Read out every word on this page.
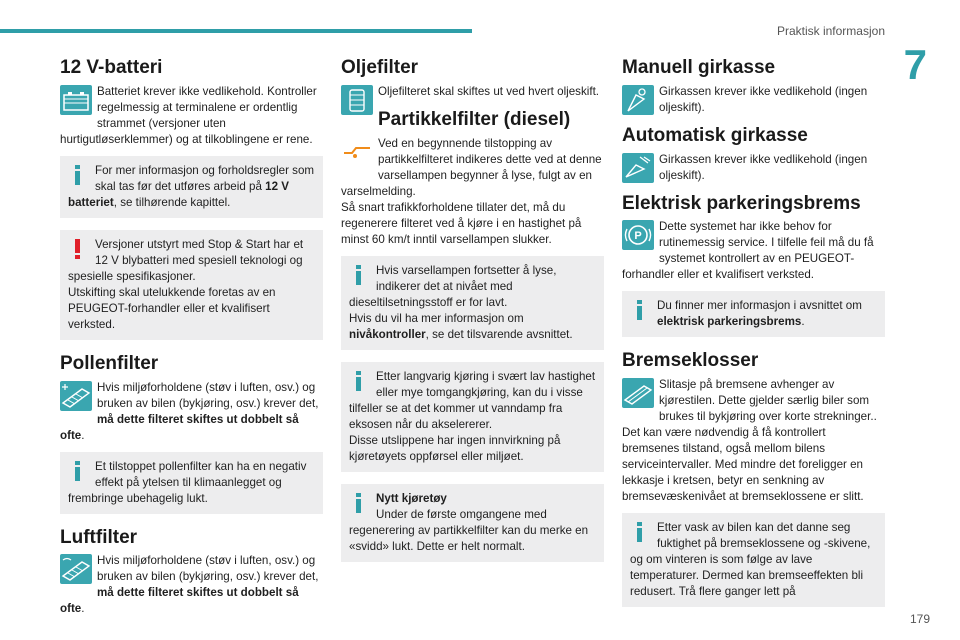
Praktisk informasjon
7
12 V-batteri
Batteriet krever ikke vedlikehold. Kontroller regelmessig at terminalene er ordentlig strammet (versjoner uten hurtigutløserklemmer) og at tilkoblingene er rene.
For mer informasjon og forholdsregler som skal tas før det utføres arbeid på 12 V batteriet, se tilhørende kapittel.
Versjoner utstyrt med Stop & Start har et 12 V blybatteri med spesiell teknologi og spesielle spesifikasjoner.
Utskifting skal utelukkende foretas av en PEUGEOT-forhandler eller et kvalifisert verksted.
Pollenfilter
Hvis miljøforholdene (støv i luften, osv.) og bruken av bilen (bykjøring, osv.) krever det, må dette filteret skiftes ut dobbelt så ofte.
Et tilstoppet pollenfilter kan ha en negativ effekt på ytelsen til klimaanlegget og frembringe ubehagelig lukt.
Luftfilter
Hvis miljøforholdene (støv i luften, osv.) og bruken av bilen (bykjøring, osv.) krever det, må dette filteret skiftes ut dobbelt så ofte.
Oljefilter
Oljefilteret skal skiftes ut ved hvert oljeskift.
Partikkelfilter (diesel)
Ved en begynnende tilstopping av partikkelfilteret indikeres dette ved at denne varsellampen begynner å lyse, fulgt av en varselmelding.
Så snart trafikkforholdene tillater det, må du regenerere filteret ved å kjøre i en hastighet på minst 60 km/t inntil varsellampen slukker.
Hvis varsellampen fortsetter å lyse, indikerer det at nivået med dieseltilsetningsstoff er for lavt.
Hvis du vil ha mer informasjon om nivåkontroller, se det tilsvarende avsnittet.
Etter langvarig kjøring i svært lav hastighet eller mye tomgangkjøring, kan du i visse tilfeller se at det kommer ut vanndamp fra eksosen når du akselererer.
Disse utslippene har ingen innvirkning på kjøretøyets oppførsel eller miljøet.
Nytt kjøretøy
Under de første omgangene med regenerering av partikkelfilter kan du merke en «svidd» lukt. Dette er helt normalt.
Manuell girkasse
Girkassen krever ikke vedlikehold (ingen oljeskift).
Automatisk girkasse
Girkassen krever ikke vedlikehold (ingen oljeskift).
Elektrisk parkeringsbrems
P
Dette systemet har ikke behov for rutinemessig service. I tilfelle feil må du få systemet kontrollert av en PEUGEOT-forhandler eller et kvalifisert verksted.
Du finner mer informasjon i avsnittet om elektrisk parkeringsbrems.
Bremseklosser
Slitasje på bremsene avhenger av kjørestilen. Dette gjelder særlig biler som brukes til bykjøring over korte strekninger.. Det kan være nødvendig å få kontrollert bremsenes tilstand, også mellom bilens serviceintervaller. Med mindre det foreligger en lekkasje i kretsen, betyr en senkning av bremsevæskenivået at bremseklossene er slitt.
Etter vask av bilen kan det danne seg fuktighet på bremseklossene og -skivene, og om vinteren is som følge av lave temperaturer. Dermed kan bremseeffekten bli redusert. Trå flere ganger lett på
179
